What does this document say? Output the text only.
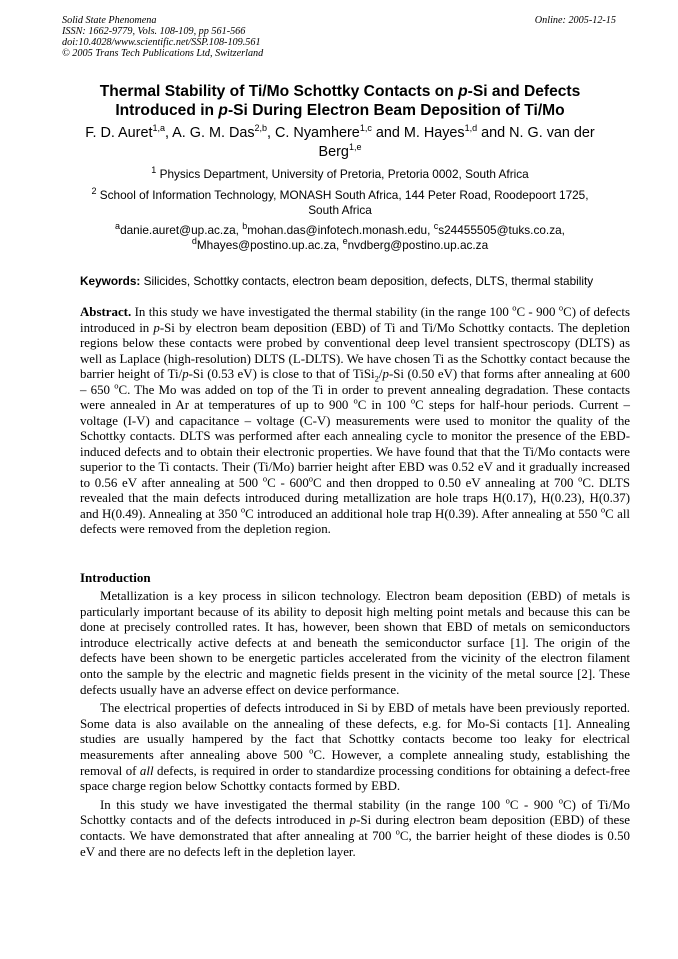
Solid State Phenomena
ISSN: 1662-9779, Vols. 108-109, pp 561-566
doi:10.4028/www.scientific.net/SSP.108-109.561
© 2005 Trans Tech Publications Ltd, Switzerland
Online: 2005-12-15
Thermal Stability of Ti/Mo Schottky Contacts on p-Si and Defects
Introduced in p-Si During Electron Beam Deposition of Ti/Mo
F. D. Auret$^{1,a}$, A. G. M. Das$^{2,b}$, C. Nyamhere$^{1,c}$ and M. Hayes$^{1,d}$ and N. G. van der Berg$^{1,e}$
$^1$ Physics Department, University of Pretoria, Pretoria 0002, South Africa
$^2$ School of Information Technology, MONASH South Africa, 144 Peter Road, Roodepoort 1725, South Africa
$^a$danie.auret@up.ac.za, $^b$mohan.das@infotech.monash.edu, $^c$s24455505@tuks.co.za,
$^d$Mhayes@postino.up.ac.za, $^e$nvdberg@postino.up.ac.za
Keywords: Silicides, Schottky contacts, electron beam deposition, defects, DLTS, thermal stability
Abstract. In this study we have investigated the thermal stability (in the range 100 $^o$C - 900 $^o$C) of defects introduced in p-Si by electron beam deposition (EBD) of Ti and Ti/Mo Schottky contacts. The depletion regions below these contacts were probed by conventional deep level transient spectroscopy (DLTS) as well as Laplace (high-resolution) DLTS (L-DLTS). We have chosen Ti as the Schottky contact because the barrier height of Ti/p-Si (0.53 eV) is close to that of TiSi$_2$/p-Si (0.50 eV) that forms after annealing at 600 – 650 $^o$C. The Mo was added on top of the Ti in order to prevent annealing degradation. These contacts were annealed in Ar at temperatures of up to 900 $^o$C in 100 $^o$C steps for half-hour periods. Current – voltage (I-V) and capacitance – voltage (C-V) measurements were used to monitor the quality of the Schottky contacts. DLTS was performed after each annealing cycle to monitor the presence of the EBD-induced defects and to obtain their electronic properties. We have found that that the Ti/Mo contacts were superior to the Ti contacts. Their (Ti/Mo) barrier height after EBD was 0.52 eV and it gradually increased to 0.56 eV after annealing at 500 $^o$C - 600$^o$C and then dropped to 0.50 eV annealing at 700 $^o$C. DLTS revealed that the main defects introduced during metallization are hole traps H(0.17), H(0.23), H(0.37) and H(0.49). Annealing at 350 $^o$C introduced an additional hole trap H(0.39). After annealing at 550 $^o$C all defects were removed from the depletion region.
Introduction

Metallization is a key process in silicon technology. Electron beam deposition (EBD) of metals is particularly important because of its ability to deposit high melting point metals and because this can be done at precisely controlled rates. It has, however, been shown that EBD of metals on semiconductors introduce electrically active defects at and beneath the semiconductor surface [1]. The origin of the defects have been shown to be energetic particles accelerated from the vicinity of the electron filament onto the sample by the electric and magnetic fields present in the vicinity of the metal source [2]. These defects usually have an adverse effect on device performance.

The electrical properties of defects introduced in Si by EBD of metals have been previously reported. Some data is also available on the annealing of these defects, e.g. for Mo-Si contacts [1]. Annealing studies are usually hampered by the fact that Schottky contacts become too leaky for electrical measurements after annealing above 500 $^o$C. However, a complete annealing study, establishing the removal of all defects, is required in order to standardize processing conditions for obtaining a defect-free space charge region below Schottky contacts formed by EBD.

In this study we have investigated the thermal stability (in the range 100 $^o$C - 900 $^o$C) of Ti/Mo Schottky contacts and of the defects introduced in p-Si during electron beam deposition (EBD) of these contacts. We have demonstrated that after annealing at 700 $^o$C, the barrier height of these diodes is 0.50 eV and there are no defects left in the depletion layer.
